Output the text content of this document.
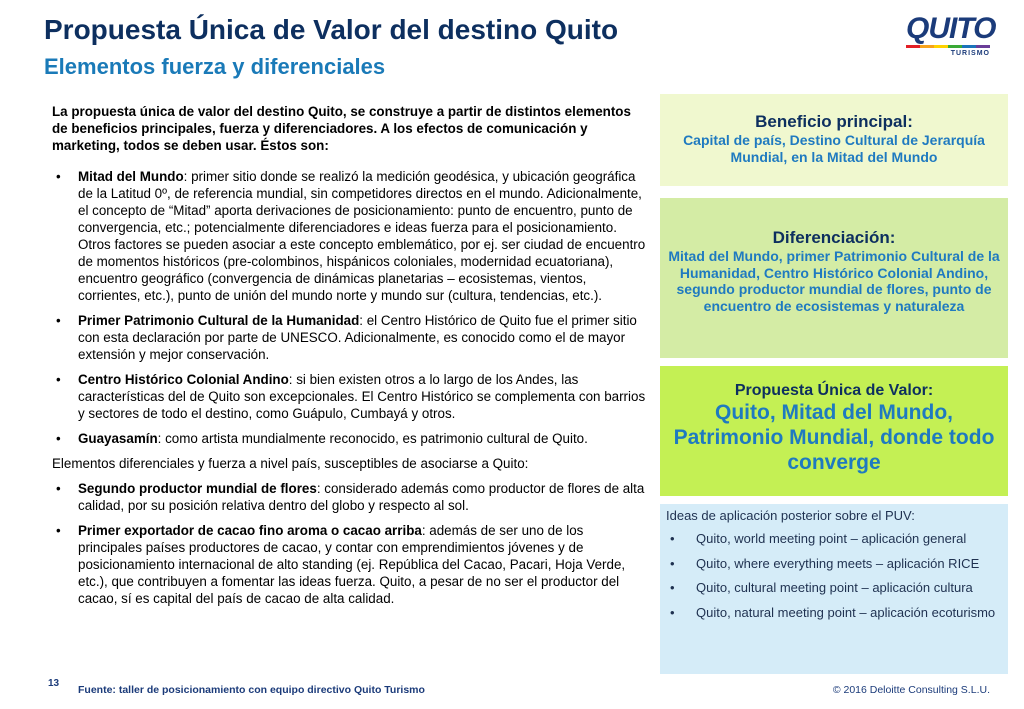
Propuesta Única de Valor del destino Quito
Elementos fuerza y diferenciales
QUITO
TURISMO

La propuesta única de valor del destino Quito, se construye a partir de distintos elementos de beneficios principales, fuerza y diferenciadores. A los efectos de comunicación y marketing, todos se deben usar. Éstos son:

• Mitad del Mundo: primer sitio donde se realizó la medición geodésica, y ubicación geográfica de la Latitud 0º, de referencia mundial, sin competidores directos en el mundo. Adicionalmente, el concepto de “Mitad” aporta derivaciones de posicionamiento: punto de encuentro, punto de convergencia, etc.; potencialmente diferenciadores e ideas fuerza para el posicionamiento. Otros factores se pueden asociar a este concepto emblemático, por ej. ser ciudad de encuentro de momentos históricos (pre-colombinos, hispánicos coloniales, modernidad ecuatoriana), encuentro geográfico (convergencia de dinámicas planetarias – ecosistemas, vientos, corrientes, etc.), punto de unión del mundo norte y mundo sur (cultura, tendencias, etc.).
• Primer Patrimonio Cultural de la Humanidad: el Centro Histórico de Quito fue el primer sitio con esta declaración por parte de UNESCO. Adicionalmente, es conocido como el de mayor extensión y mejor conservación.
• Centro Histórico Colonial Andino: si bien existen otros a lo largo de los Andes, las características del de Quito son excepcionales. El Centro Histórico se complementa con barrios y sectores de todo el destino, como Guápulo, Cumbayá y otros.
• Guayasamín: como artista mundialmente reconocido, es patrimonio cultural de Quito.
Elementos diferenciales y fuerza a nivel país, susceptibles de asociarse a Quito:
• Segundo productor mundial de flores: considerado además como productor de flores de alta calidad, por su posición relativa dentro del globo y respecto al sol.
• Primer exportador de cacao fino aroma o cacao arriba: además de ser uno de los principales países productores de cacao, y contar con emprendimientos jóvenes y de posicionamiento internacional de alto standing (ej. República del Cacao, Pacari, Hoja Verde, etc.), que contribuyen a fomentar las ideas fuerza. Quito, a pesar de no ser el productor del cacao, sí es capital del país de cacao de alta calidad.
Beneficio principal:
Capital de país, Destino Cultural de Jerarquía Mundial, en la Mitad del Mundo
Diferenciación:
Mitad del Mundo, primer Patrimonio Cultural de la Humanidad, Centro Histórico Colonial Andino, segundo productor mundial de flores, punto de encuentro de ecosistemas y naturaleza
Propuesta Única de Valor:
Quito, Mitad del Mundo, Patrimonio Mundial, donde todo converge
Ideas de aplicación posterior sobre el PUV:
• Quito, world meeting point – aplicación general
• Quito, where everything meets – aplicación RICE
• Quito, cultural meeting point – aplicación cultura
• Quito, natural meeting point – aplicación ecoturismo
13
Fuente: taller de posicionamiento con equipo directivo Quito Turismo	© 2016 Deloitte Consulting S.L.U.
